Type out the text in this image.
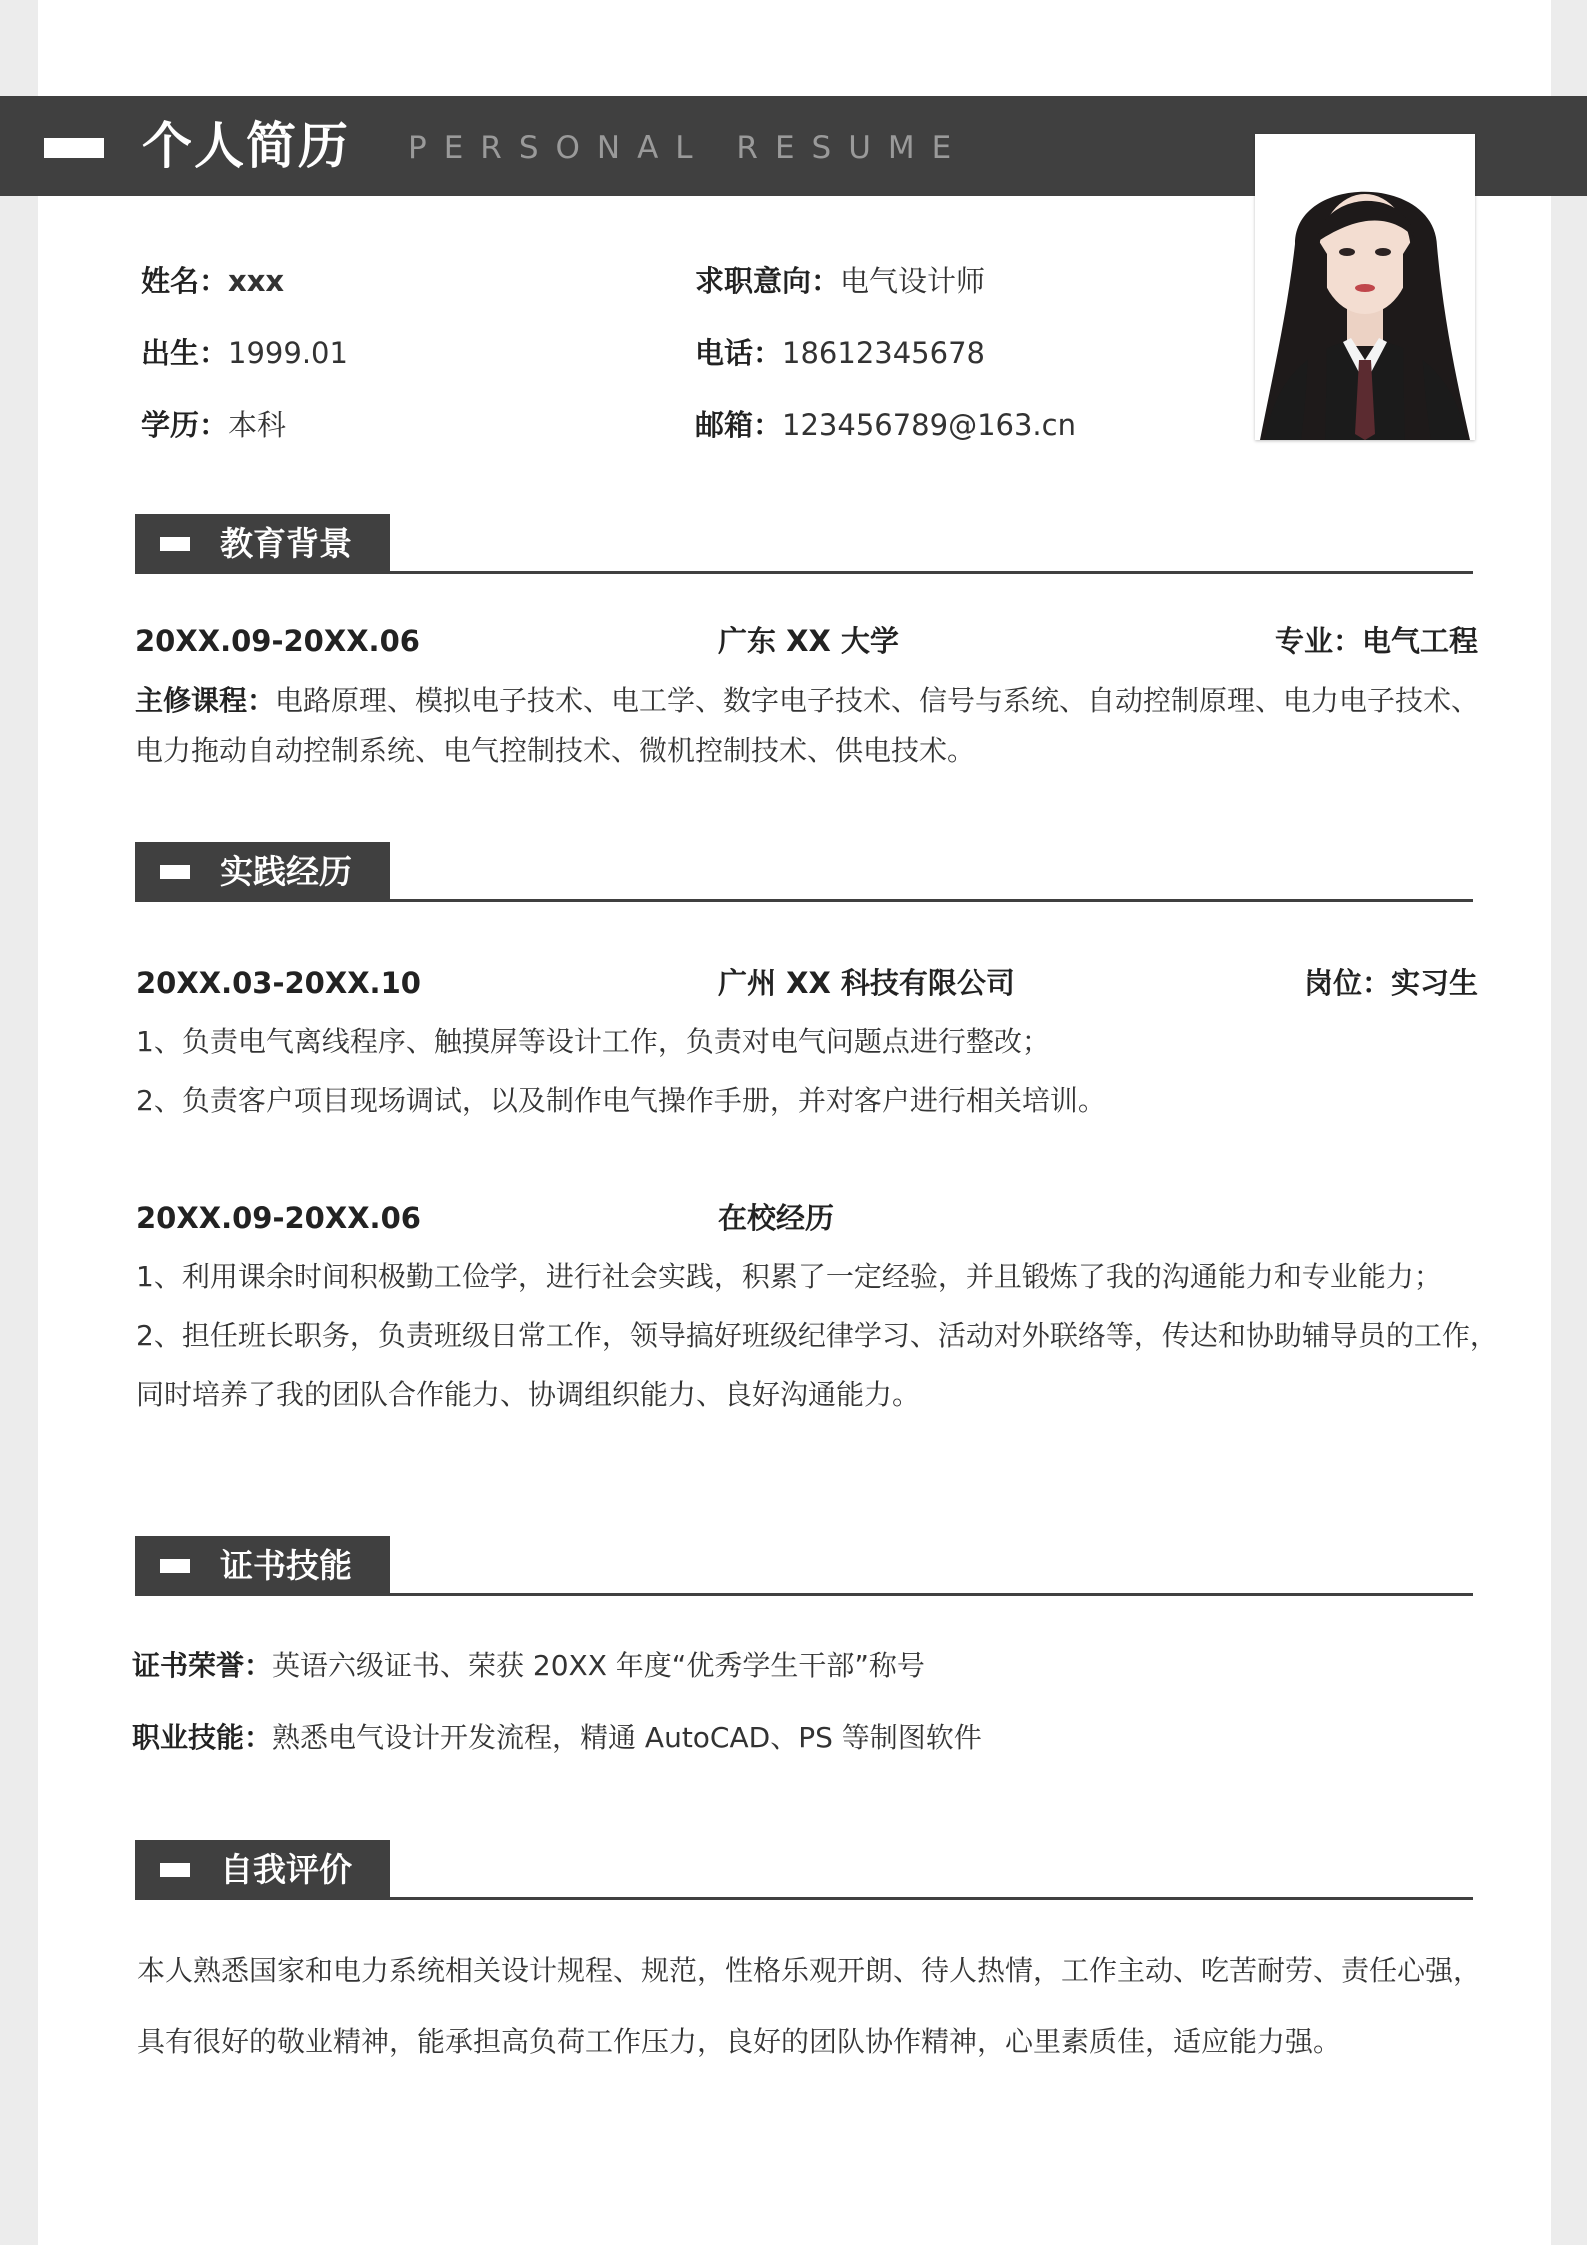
个人简历 PERSONAL RESUME
姓名：xxx
出生：1999.01
学历：本科
求职意向：电气设计师
电话：18612345678
邮箱：123456789@163.cn
教育背景
20XX.09-20XX.06	广东 XX 大学	专业：电气工程
主修课程：电路原理、模拟电子技术、电工学、数字电子技术、信号与系统、自动控制原理、电力电子技术、
电力拖动自动控制系统、电气控制技术、微机控制技术、供电技术。
实践经历
20XX.03-20XX.10	广州 XX 科技有限公司	岗位：实习生
1、负责电气离线程序、触摸屏等设计工作，负责对电气问题点进行整改；
2、负责客户项目现场调试，以及制作电气操作手册，并对客户进行相关培训。
20XX.09-20XX.06	在校经历
1、利用课余时间积极勤工俭学，进行社会实践，积累了一定经验，并且锻炼了我的沟通能力和专业能力；
2、担任班长职务，负责班级日常工作，领导搞好班级纪律学习、活动对外联络等，传达和协助辅导员的工作，
同时培养了我的团队合作能力、协调组织能力、良好沟通能力。
证书技能
证书荣誉：英语六级证书、荣获 20XX 年度“优秀学生干部”称号
职业技能：熟悉电气设计开发流程，精通 AutoCAD、PS 等制图软件
自我评价
本人熟悉国家和电力系统相关设计规程、规范，性格乐观开朗、待人热情，工作主动、吃苦耐劳、责任心强，
具有很好的敬业精神，能承担高负荷工作压力，良好的团队协作精神，心里素质佳，适应能力强。
